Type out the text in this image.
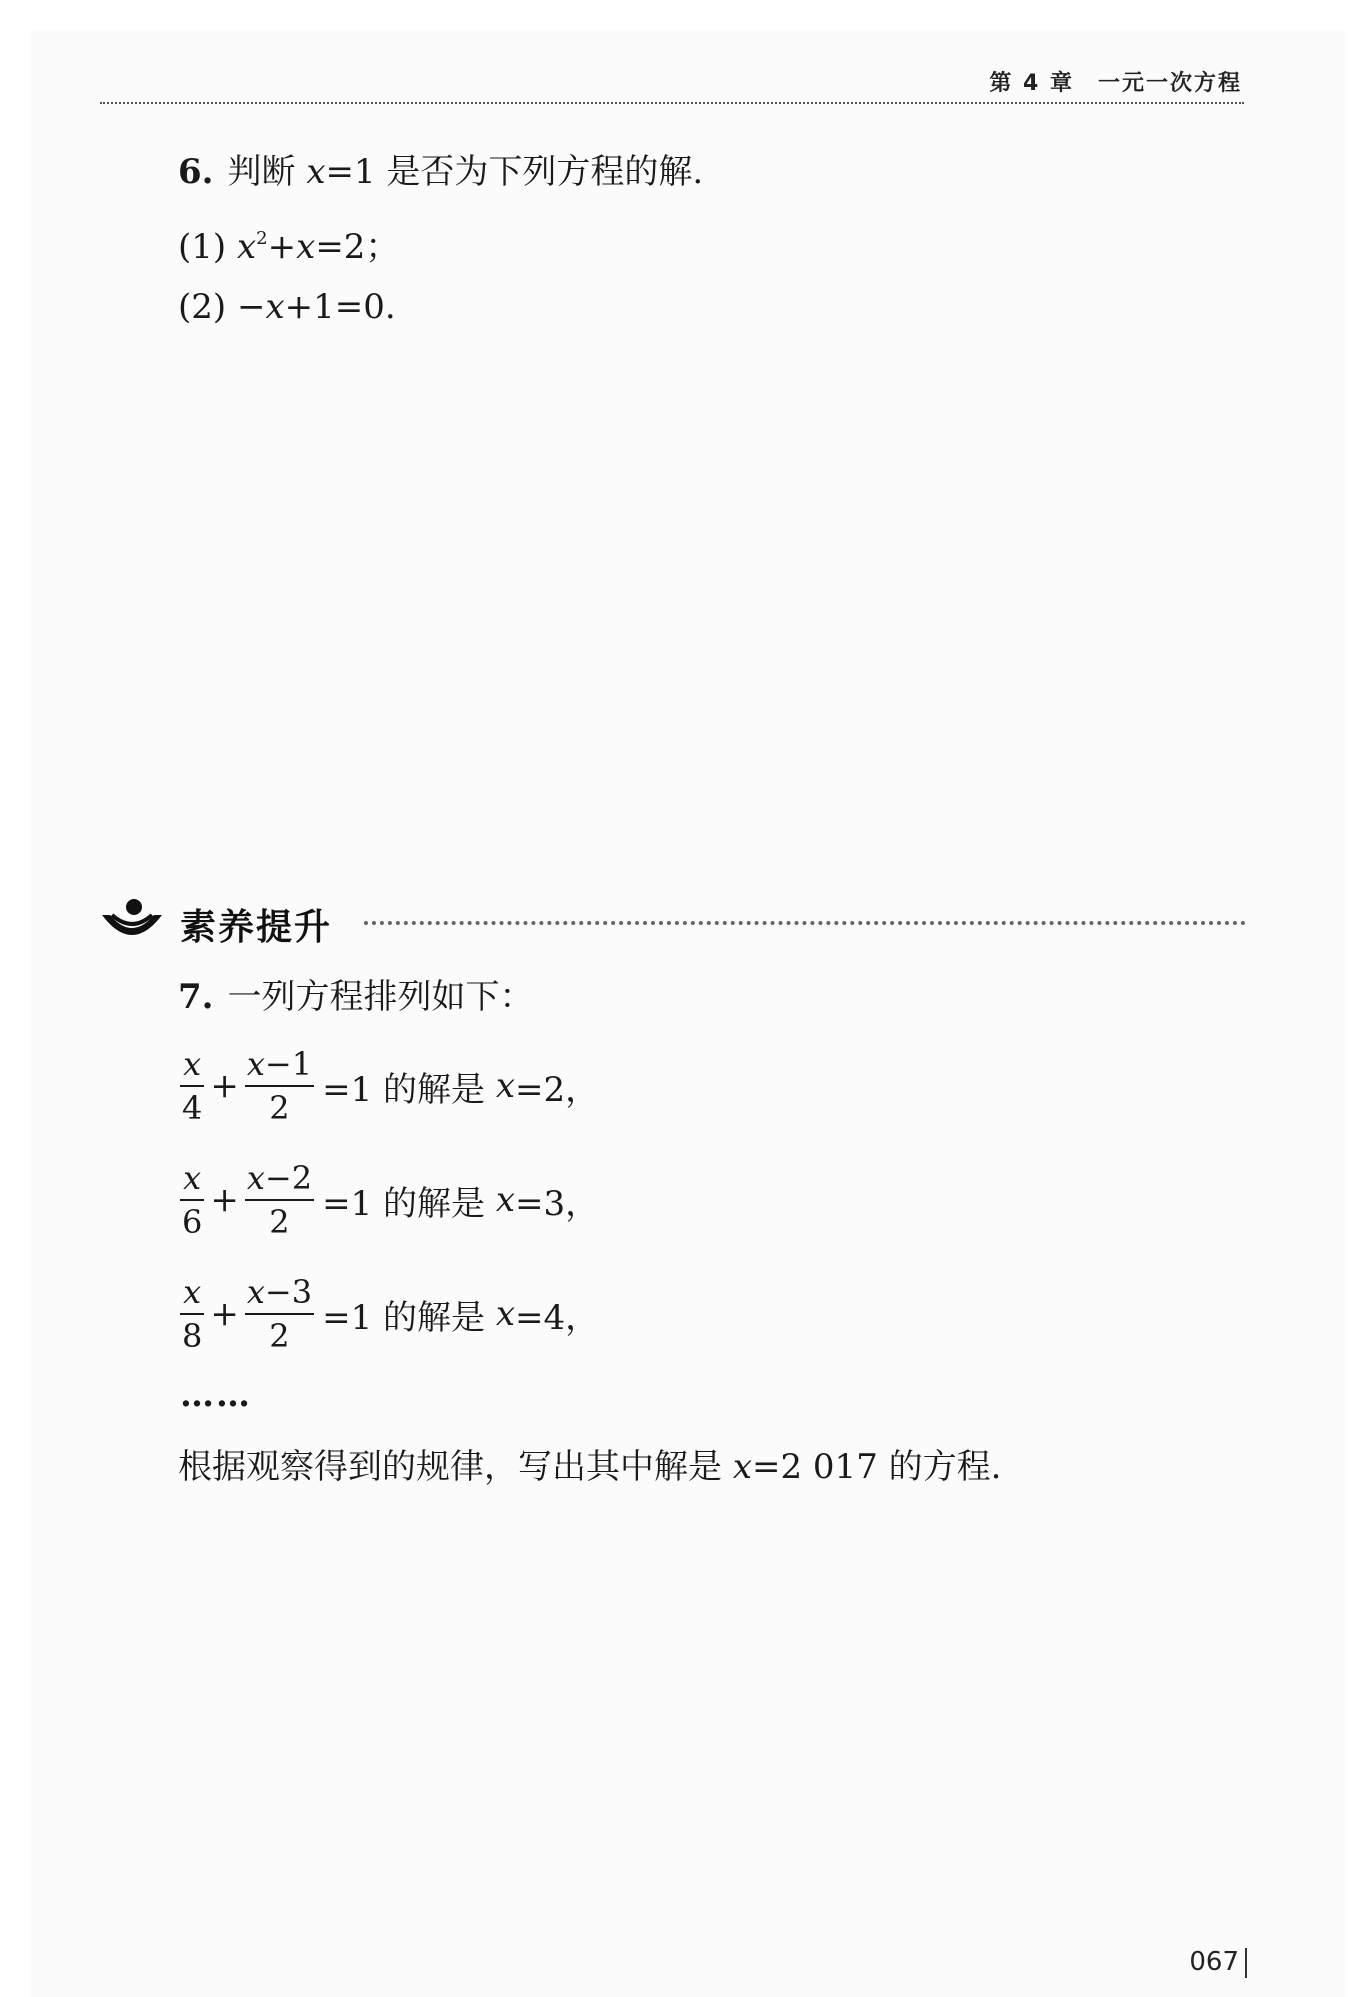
第 4 章　一元一次方程
6. 判断 x=1 是否为下列方程的解.
(1) $x^2+x=2$；
(2) −x+1=0.
素养提升
7. 一列方程排列如下：
$\frac{x}{4} + \frac{x-1}{2} =1$ 的解是
x =2，
$\frac{x}{6} + \frac{x-2}{2} =1$ 的解是
x =3，
$\frac{x}{8} + \frac{x-3}{2} =1$ 的解是
x =4，
……
根据观察得到的规律，写出其中解是 x=2 017 的方程.
067
